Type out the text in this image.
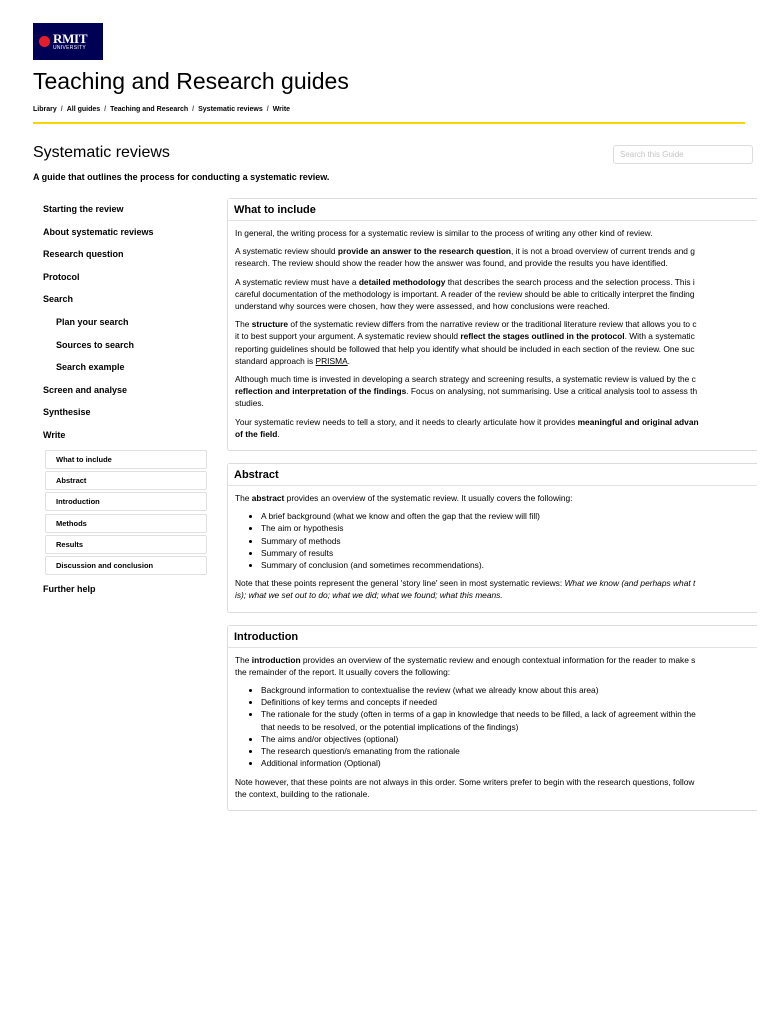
RMIT
UNIVERSITY
Teaching and Research guides
Library / All guides / Teaching and Research / Systematic reviews / Write
Systematic reviews
Search this Guide

A guide that outlines the process for conducting a systematic review.

Starting the review
About systematic reviews
Research question
Protocol
Search
Plan your search
Sources to search
Search example
Screen and analyse
Synthesise
Write
What to include
Abstract
Introduction
Methods
Results
Discussion and conclusion
Further help
What to include

In general, the writing process for a systematic review is similar to the process of writing any other kind of review.

A systematic review should provide an answer to the research question, it is not a broad overview of current trends and g
research. The review should show the reader how the answer was found, and provide the results you have identified.

A systematic review must have a detailed methodology that describes the search process and the selection process. This i
careful documentation of the methodology is important. A reader of the review should be able to critically interpret the finding
understand why sources were chosen, how they were assessed, and how conclusions were reached.

The structure of the systematic review differs from the narrative review or the traditional literature review that allows you to c
it to best support your argument. A systematic review should reflect the stages outlined in the protocol. With a systematic
reporting guidelines should be followed that help you identify what should be included in each section of the review. One suc
standard approach is PRISMA.

Although much time is invested in developing a search strategy and screening results, a systematic review is valued by the c
reflection and interpretation of the findings. Focus on analysing, not summarising. Use a critical analysis tool to assess th
studies.

Your systematic review needs to tell a story, and it needs to clearly articulate how it provides meaningful and original advan
of the field.

Abstract

The abstract provides an overview of the systematic review. It usually covers the following:

• A brief background (what we know and often the gap that the review will fill)
• The aim or hypothesis
• Summary of methods
• Summary of results
• Summary of conclusion (and sometimes recommendations).

Note that these points represent the general 'story line' seen in most systematic reviews: What we know (and perhaps what t
is); what we set out to do; what we did; what we found; what this means.

Introduction

The introduction provides an overview of the systematic review and enough contextual information for the reader to make s
the remainder of the report. It usually covers the following:

• Background information to contextualise the review (what we already know about this area)
• Definitions of key terms and concepts if needed
• The rationale for the study (often in terms of a gap in knowledge that needs to be filled, a lack of agreement within the
that needs to be resolved, or the potential implications of the findings)
• The aims and/or objectives (optional)
• The research question/s emanating from the rationale
• Additional information (Optional)

Note however, that these points are not always in this order. Some writers prefer to begin with the research questions, follow
the context, building to the rationale.
